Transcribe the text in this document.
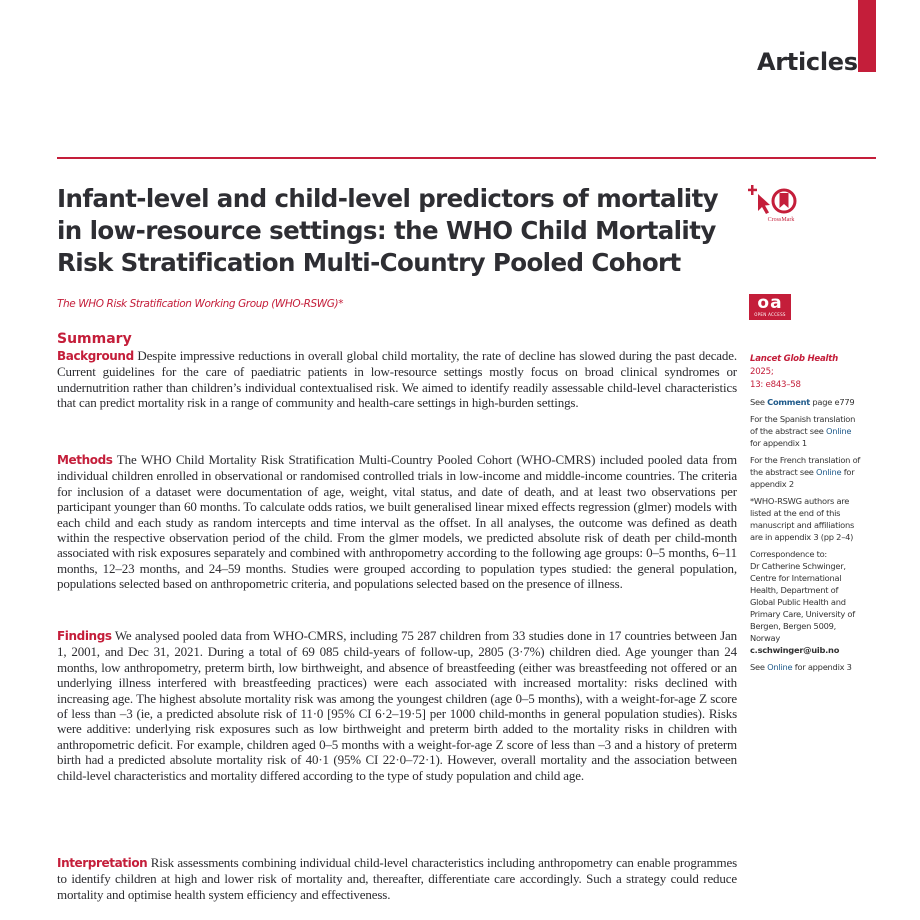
Articles
Infant-level and child-level predictors of mortality in low-resource settings: the WHO Child Mortality Risk Stratification Multi-Country Pooled Cohort
The WHO Risk Stratification Working Group (WHO-RSWG)*
CrossMark
oa
OPEN ACCESS
Summary

Background Despite impressive reductions in overall global child mortality, the rate of decline has slowed during the past decade. Current guidelines for the care of paediatric patients in low-resource settings mostly focus on broad clinical syndromes or undernutrition rather than children’s individual contextualised risk. We aimed to identify readily assessable child-level characteristics that can predict mortality risk in a range of community and health-care settings in high-burden settings.

Methods The WHO Child Mortality Risk Stratification Multi-Country Pooled Cohort (WHO-CMRS) included pooled data from individual children enrolled in observational or randomised controlled trials in low-income and middle-income countries. The criteria for inclusion of a dataset were documentation of age, weight, vital status, and date of death, and at least two observations per participant younger than 60 months. To calculate odds ratios, we built generalised linear mixed effects regression (glmer) models with each child and each study as random intercepts and time interval as the offset. In all analyses, the outcome was defined as death within the respective observation period of the child. From the glmer models, we predicted absolute risk of death per child-month associated with risk exposures separately and combined with anthropometry according to the following age groups: 0–5 months, 6–11 months, 12–23 months, and 24–59 months. Studies were grouped according to population types studied: the general population, populations selected based on anthropometric criteria, and populations selected based on the presence of illness.

Findings We analysed pooled data from WHO-CMRS, including 75 287 children from 33 studies done in 17 countries between Jan 1, 2001, and Dec 31, 2021. During a total of 69 085 child-years of follow-up, 2805 (3·7%) children died. Age younger than 24 months, low anthropometry, preterm birth, low birthweight, and absence of breastfeeding (either was breastfeeding not offered or an underlying illness interfered with breastfeeding practices) were each associated with increased mortality: risks declined with increasing age. The highest absolute mortality risk was among the youngest children (age 0–5 months), with a weight-for-age Z score of less than –3 (ie, a predicted absolute risk of 11·0 [95% CI 6·2–19·5] per 1000 child-months in general population studies). Risks were additive: underlying risk exposures such as low birthweight and preterm birth added to the mortality risks in children with anthropometric deficit. For example, children aged 0–5 months with a weight-for-age Z score of less than –3 and a history of preterm birth had a predicted absolute mortality risk of 40·1 (95% CI 22·0–72·1). However, overall mortality and the association between child-level characteristics and mortality differed according to the type of study population and child age.

Interpretation Risk assessments combining individual child-level characteristics including anthropometry can enable programmes to identify children at high and lower risk of mortality and, thereafter, differentiate care accordingly. Such a strategy could reduce mortality and optimise health system efficiency and effectiveness.

Lancet Glob Health 2025;
13: e843–58

See Comment page e779

For the Spanish translation of the abstract see Online for appendix 1

For the French translation of the abstract see Online for appendix 2

*WHO-RSWG authors are listed at the end of this manuscript and affiliations are in appendix 3 (pp 2–4)

Correspondence to:
Dr Catherine Schwinger, Centre for International Health, Department of Global Public Health and Primary Care, University of Bergen, Bergen 5009, Norway
c.schwinger@uib.no

See Online for appendix 3
